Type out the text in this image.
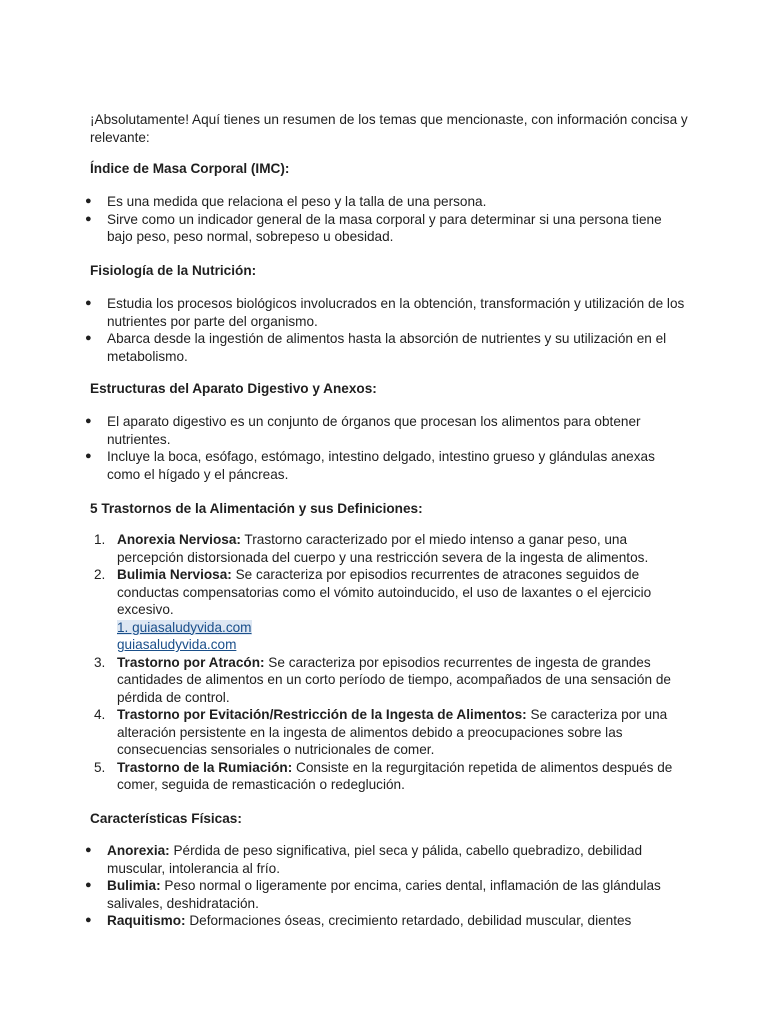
¡Absolutamente! Aquí tienes un resumen de los temas que mencionaste, con información concisa y relevante:
Índice de Masa Corporal (IMC):
● Es una medida que relaciona el peso y la talla de una persona.
● Sirve como un indicador general de la masa corporal y para determinar si una persona tiene bajo peso, peso normal, sobrepeso u obesidad.
Fisiología de la Nutrición:
● Estudia los procesos biológicos involucrados en la obtención, transformación y utilización de los nutrientes por parte del organismo.
● Abarca desde la ingestión de alimentos hasta la absorción de nutrientes y su utilización en el metabolismo.
Estructuras del Aparato Digestivo y Anexos:
● El aparato digestivo es un conjunto de órganos que procesan los alimentos para obtener nutrientes.
● Incluye la boca, esófago, estómago, intestino delgado, intestino grueso y glándulas anexas como el hígado y el páncreas.
5 Trastornos de la Alimentación y sus Definiciones:
1. Anorexia Nerviosa: Trastorno caracterizado por el miedo intenso a ganar peso, una percepción distorsionada del cuerpo y una restricción severa de la ingesta de alimentos.
2. Bulimia Nerviosa: Se caracteriza por episodios recurrentes de atracones seguidos de conductas compensatorias como el vómito autoinducido, el uso de laxantes o el ejercicio excesivo.
1. guiasaludyvida.com
guiasaludyvida.com
3. Trastorno por Atracón: Se caracteriza por episodios recurrentes de ingesta de grandes cantidades de alimentos en un corto período de tiempo, acompañados de una sensación de pérdida de control.
4. Trastorno por Evitación/Restricción de la Ingesta de Alimentos: Se caracteriza por una alteración persistente en la ingesta de alimentos debido a preocupaciones sobre las consecuencias sensoriales o nutricionales de comer.
5. Trastorno de la Rumiación: Consiste en la regurgitación repetida de alimentos después de comer, seguida de remasticación o redeglución.
Características Físicas:
● Anorexia: Pérdida de peso significativa, piel seca y pálida, cabello quebradizo, debilidad muscular, intolerancia al frío.
● Bulimia: Peso normal o ligeramente por encima, caries dental, inflamación de las glándulas salivales, deshidratación.
● Raquitismo: Deformaciones óseas, crecimiento retardado, debilidad muscular, dientes
